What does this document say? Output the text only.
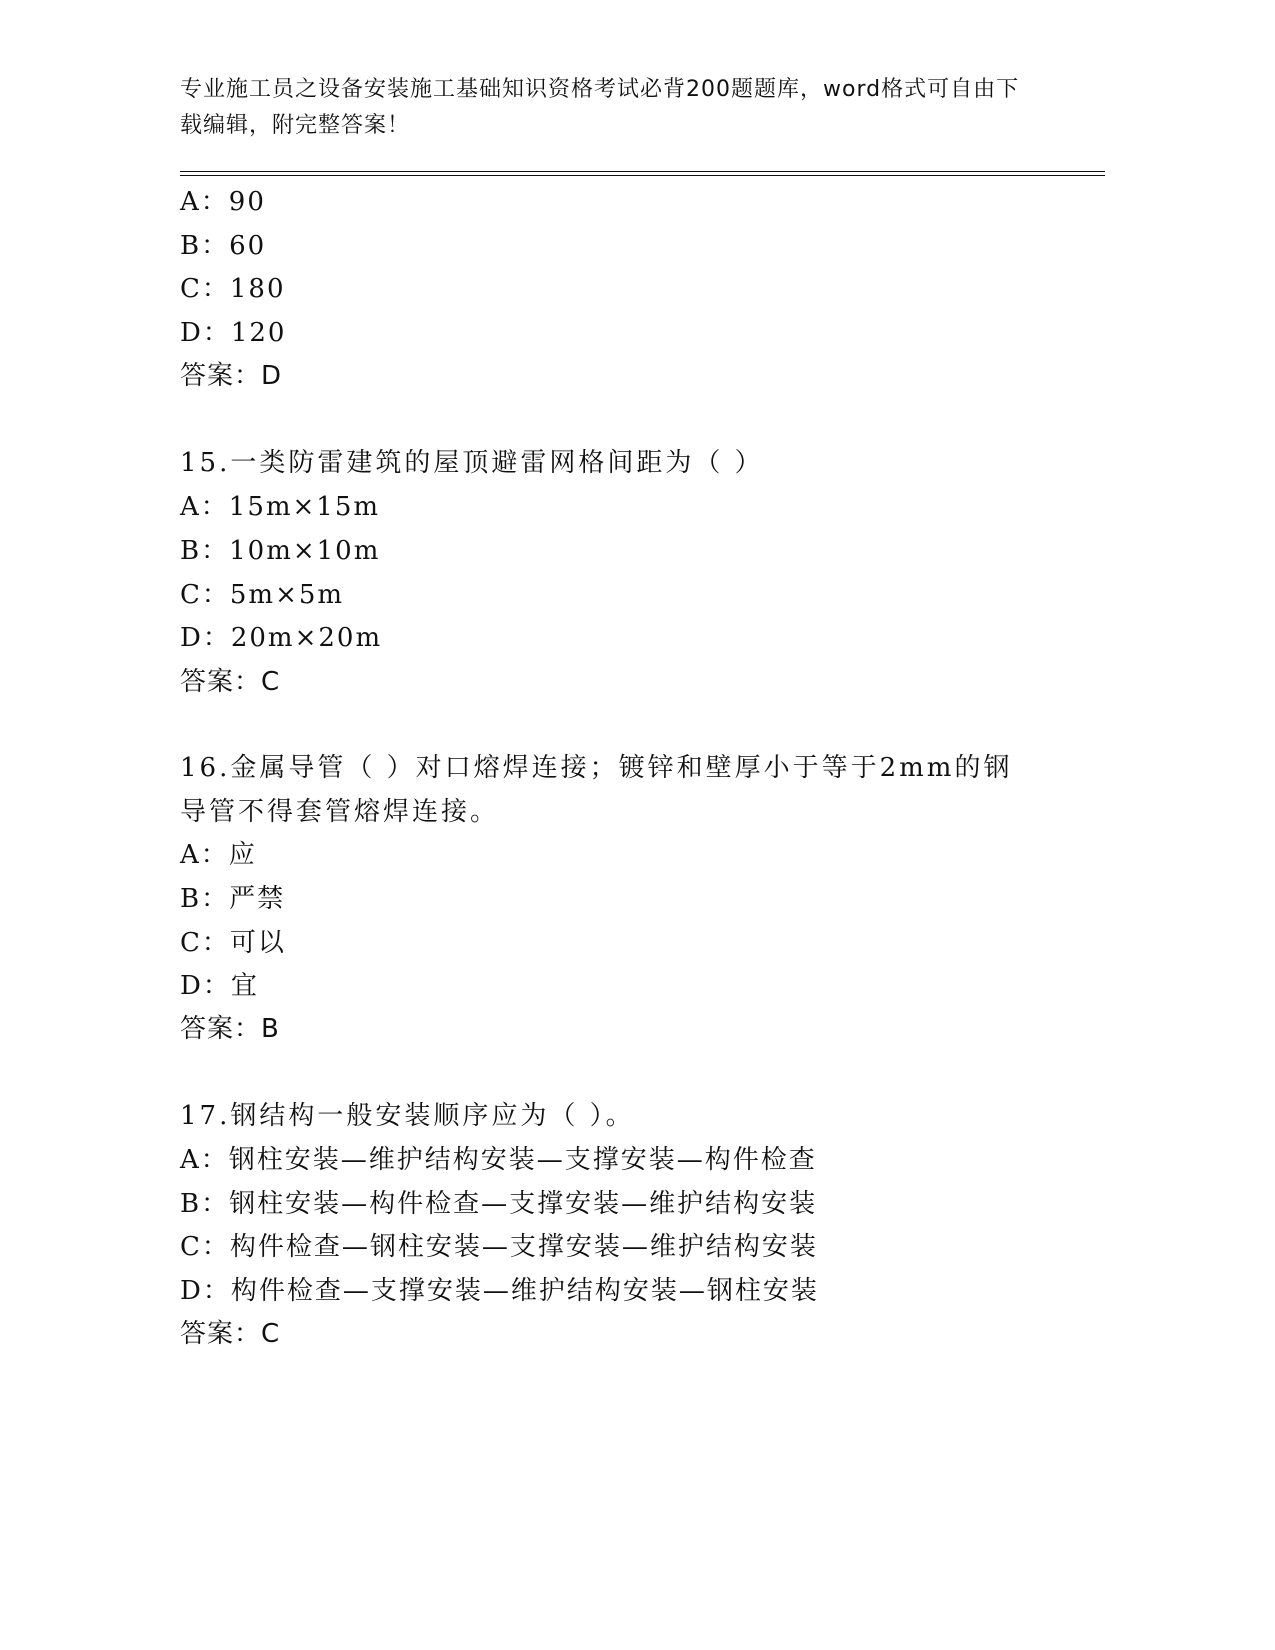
专业施工员之设备安装施工基础知识资格考试必背200题题库，word格式可自由下载编辑，附完整答案！
A：90
B：60
C：180
D：120
答案：D
15.一类防雷建筑的屋顶避雷网格间距为（ ）
A：15m×15m
B：10m×10m
C：5m×5m
D：20m×20m
答案：C
16.金属导管（ ）对口熔焊连接；镀锌和壁厚小于等于2mm的钢导管不得套管熔焊连接。
A：应
B：严禁
C：可以
D：宜
答案：B
17.钢结构一般安装顺序应为（ ）。
A：钢柱安装—维护结构安装—支撑安装—构件检查
B：钢柱安装—构件检查—支撑安装—维护结构安装
C：构件检查—钢柱安装—支撑安装—维护结构安装
D：构件检查—支撑安装—维护结构安装—钢柱安装
答案：C
